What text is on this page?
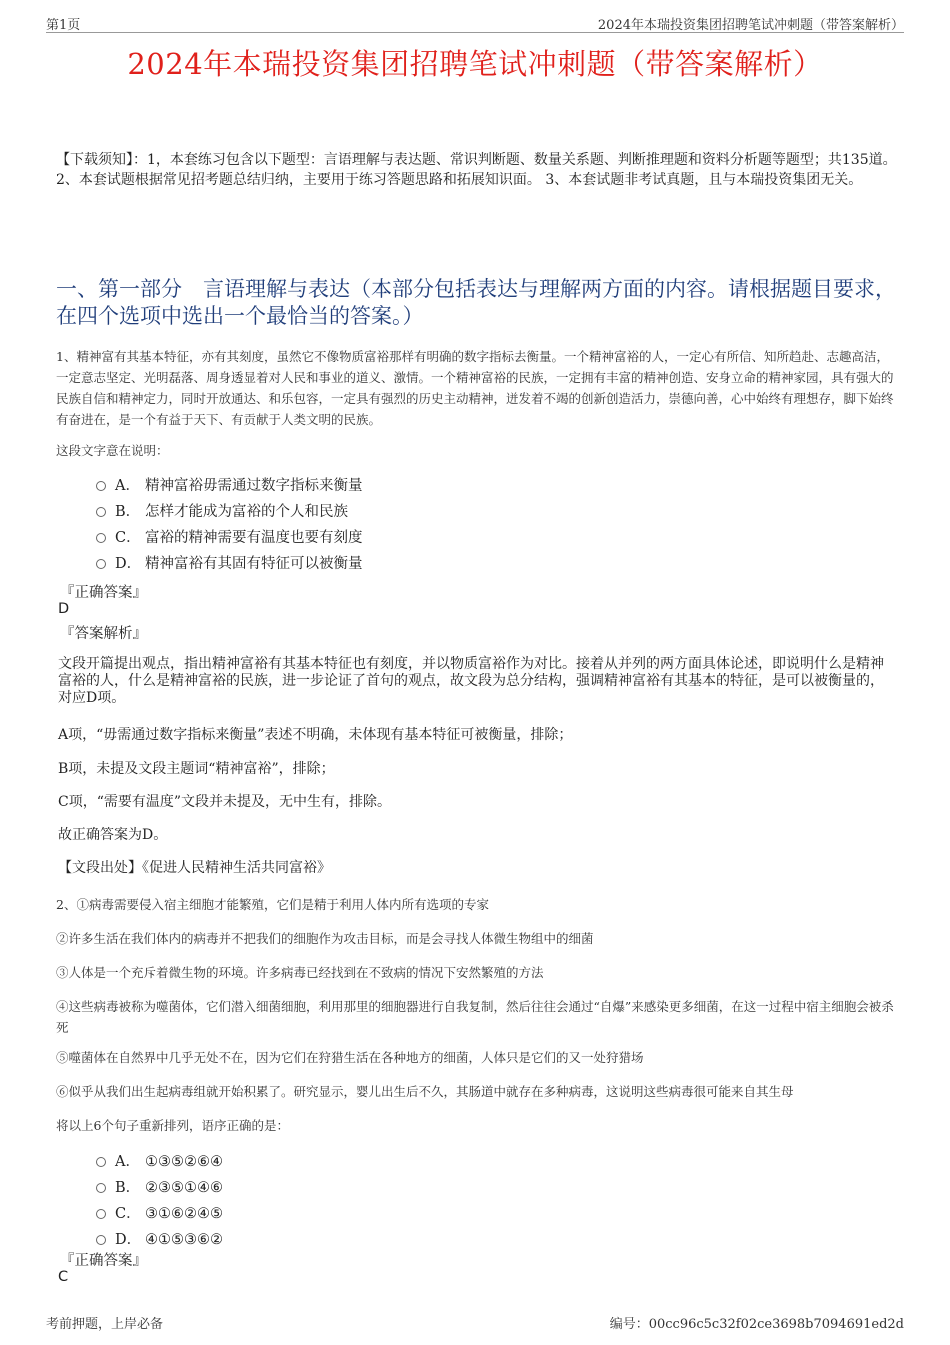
第1页	2024年本瑞投资集团招聘笔试冲刺题（带答案解析）
2024年本瑞投资集团招聘笔试冲刺题（带答案解析）
【下载须知】：1，本套练习包含以下题型：言语理解与表达题、常识判断题、数量关系题、判断推理题和资料分析题等题型；共135道。 2、本套试题根据常见招考题总结归纳，主要用于练习答题思路和拓展知识面。 3、本套试题非考试真题，且与本瑞投资集团无关。
一、第一部分　言语理解与表达（本部分包括表达与理解两方面的内容。请根据题目要求，在四个选项中选出一个最恰当的答案。）
1、精神富有其基本特征，亦有其刻度，虽然它不像物质富裕那样有明确的数字指标去衡量。一个精神富裕的人，一定心有所信、知所趋赴、志趣高洁，一定意志坚定、光明磊落、周身透显着对人民和事业的道义、激情。一个精神富裕的民族，一定拥有丰富的精神创造、安身立命的精神家园，具有强大的民族自信和精神定力，同时开放通达、和乐包容，一定具有强烈的历史主动精神，迸发着不竭的创新创造活力，崇德向善，心中始终有理想存，脚下始终有奋进在，是一个有益于天下、有贡献于人类文明的民族。
这段文字意在说明：
A． 精神富裕毋需通过数字指标来衡量
B． 怎样才能成为富裕的个人和民族
C． 富裕的精神需要有温度也要有刻度
D． 精神富裕有其固有特征可以被衡量
『正确答案』
D
『答案解析』
文段开篇提出观点，指出精神富裕有其基本特征也有刻度，并以物质富裕作为对比。接着从并列的两方面具体论述，即说明什么是精神富裕的人，什么是精神富裕的民族，进一步论证了首句的观点，故文段为总分结构，强调精神富裕有其基本的特征，是可以被衡量的，对应D项。
A项，“毋需通过数字指标来衡量”表述不明确，未体现有基本特征可被衡量，排除；
B项，未提及文段主题词“精神富裕”，排除；
C项，“需要有温度”文段并未提及，无中生有，排除。
故正确答案为D。
【文段出处】《促进人民精神生活共同富裕》
2、①病毒需要侵入宿主细胞才能繁殖，它们是精于利用人体内所有选项的专家
②许多生活在我们体内的病毒并不把我们的细胞作为攻击目标，而是会寻找人体微生物组中的细菌
③人体是一个充斥着微生物的环境。许多病毒已经找到在不致病的情况下安然繁殖的方法
④这些病毒被称为噬菌体，它们潜入细菌细胞，利用那里的细胞器进行自我复制，然后往往会通过“自爆”来感染更多细菌，在这一过程中宿主细胞会被杀死
⑤噬菌体在自然界中几乎无处不在，因为它们在狩猎生活在各种地方的细菌，人体只是它们的又一处狩猎场
⑥似乎从我们出生起病毒组就开始积累了。研究显示，婴儿出生后不久，其肠道中就存在多种病毒，这说明这些病毒很可能来自其生母
将以上6个句子重新排列，语序正确的是：
A． ①③⑤②⑥④
B． ②③⑤①④⑥
C． ③①⑥②④⑤
D． ④①⑤③⑥②
『正确答案』
C
考前押题，上岸必备	编号：00cc96c5c32f02ce3698b7094691ed2d
